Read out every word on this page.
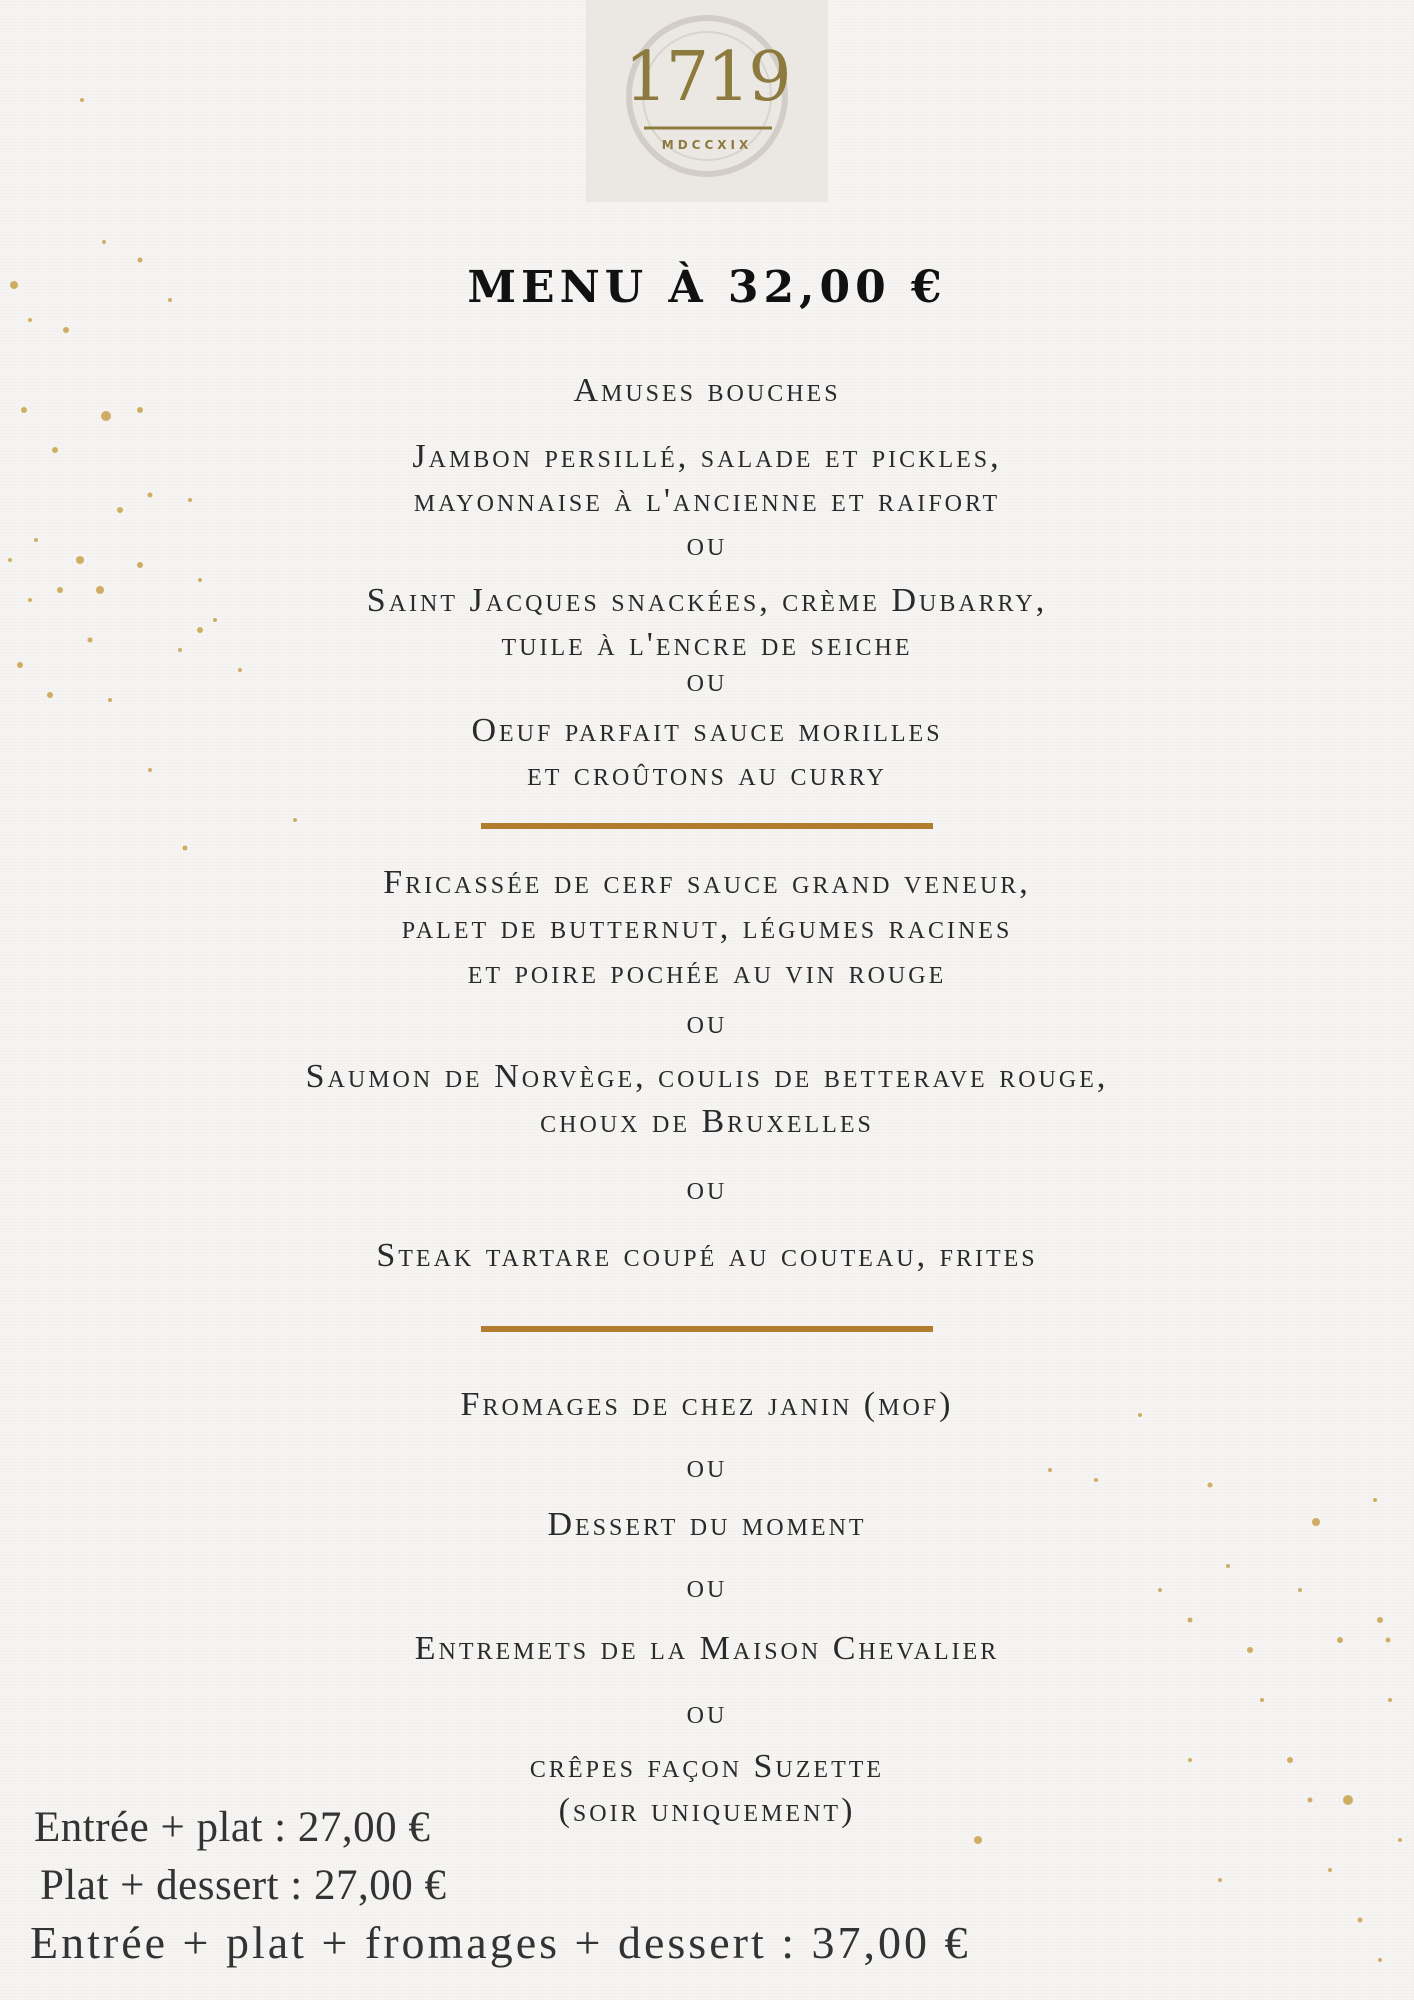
1719
MDCCXIX
MENU À 32,00 €
Amuses bouches
Jambon persillé, salade et pickles,
mayonnaise à l'ancienne et raifort
ou
Saint Jacques snackées, crème Dubarry,
tuile à l'encre de seiche
ou
Oeuf parfait sauce morilles
et croûtons au curry
Fricassée de cerf sauce grand veneur,
palet de butternut, légumes racines
et poire pochée au vin rouge
ou
Saumon de Norvège, coulis de betterave rouge,
choux de Bruxelles
ou
Steak tartare coupé au couteau, frites
Fromages de chez janin (mof)
ou
Dessert du moment
ou
Entremets de la Maison Chevalier
ou
crêpes façon Suzette
(soir uniquement)
Entrée + plat : 27,00 €
Plat + dessert : 27,00 €
Entrée + plat + fromages + dessert : 37,00 €
